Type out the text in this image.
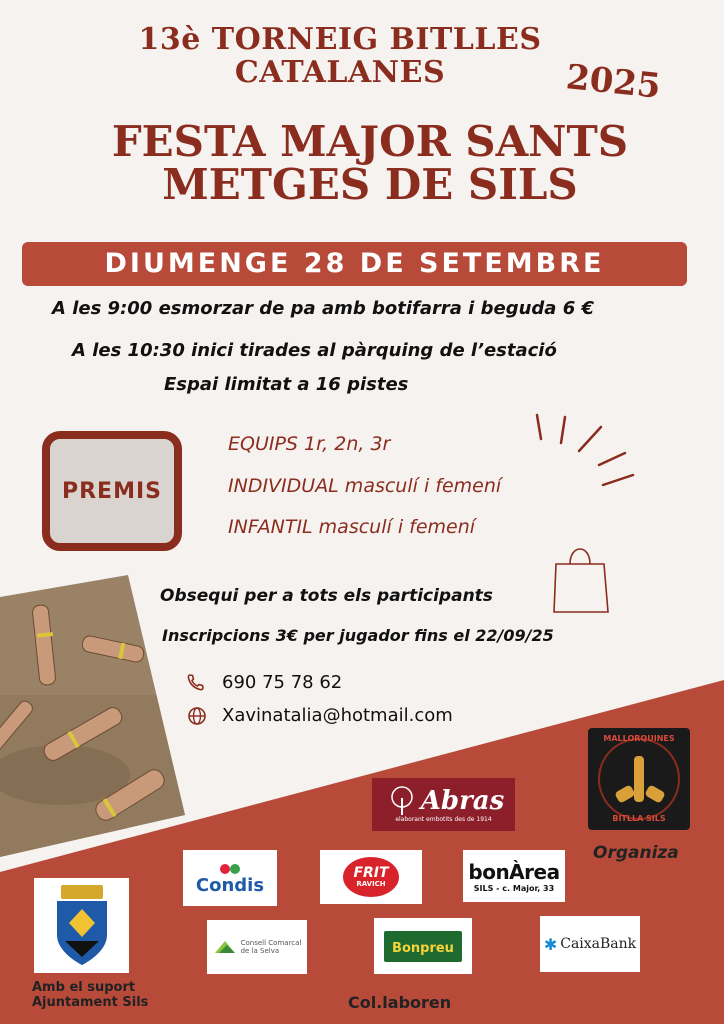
13è TORNEIG BITLLES
CATALANES	2025
FESTA MAJOR SANTS
METGES DE SILS
DIUMENGE 28 DE SETEMBRE
A les 9:00 esmorzar de pa amb botifarra i beguda 6 €
A les 10:30 inici tirades al pàrquing de l’estació
Espai limitat a 16 pistes
PREMIS
EQUIPS 1r, 2n, 3r
INDIVIDUAL masculí i femení
INFANTIL masculí i femení
Obsequi per a tots els participants
Inscripcions 3€ per jugador fins el 22/09/25
690 75 78 62
Xavinatalia@hotmail.com
Abras
elaborant embotits des de 1914
MALLORQUINES
BITLLA SILS
Organiza
Condis
FRIT
RAVICH
bonÀrea
SILS - c. Major, 33
Amb el suport
Ajuntament Sils
Consell Comarcal
de la Selva	Bonpreu	✱ CaixaBank
Col.laboren
